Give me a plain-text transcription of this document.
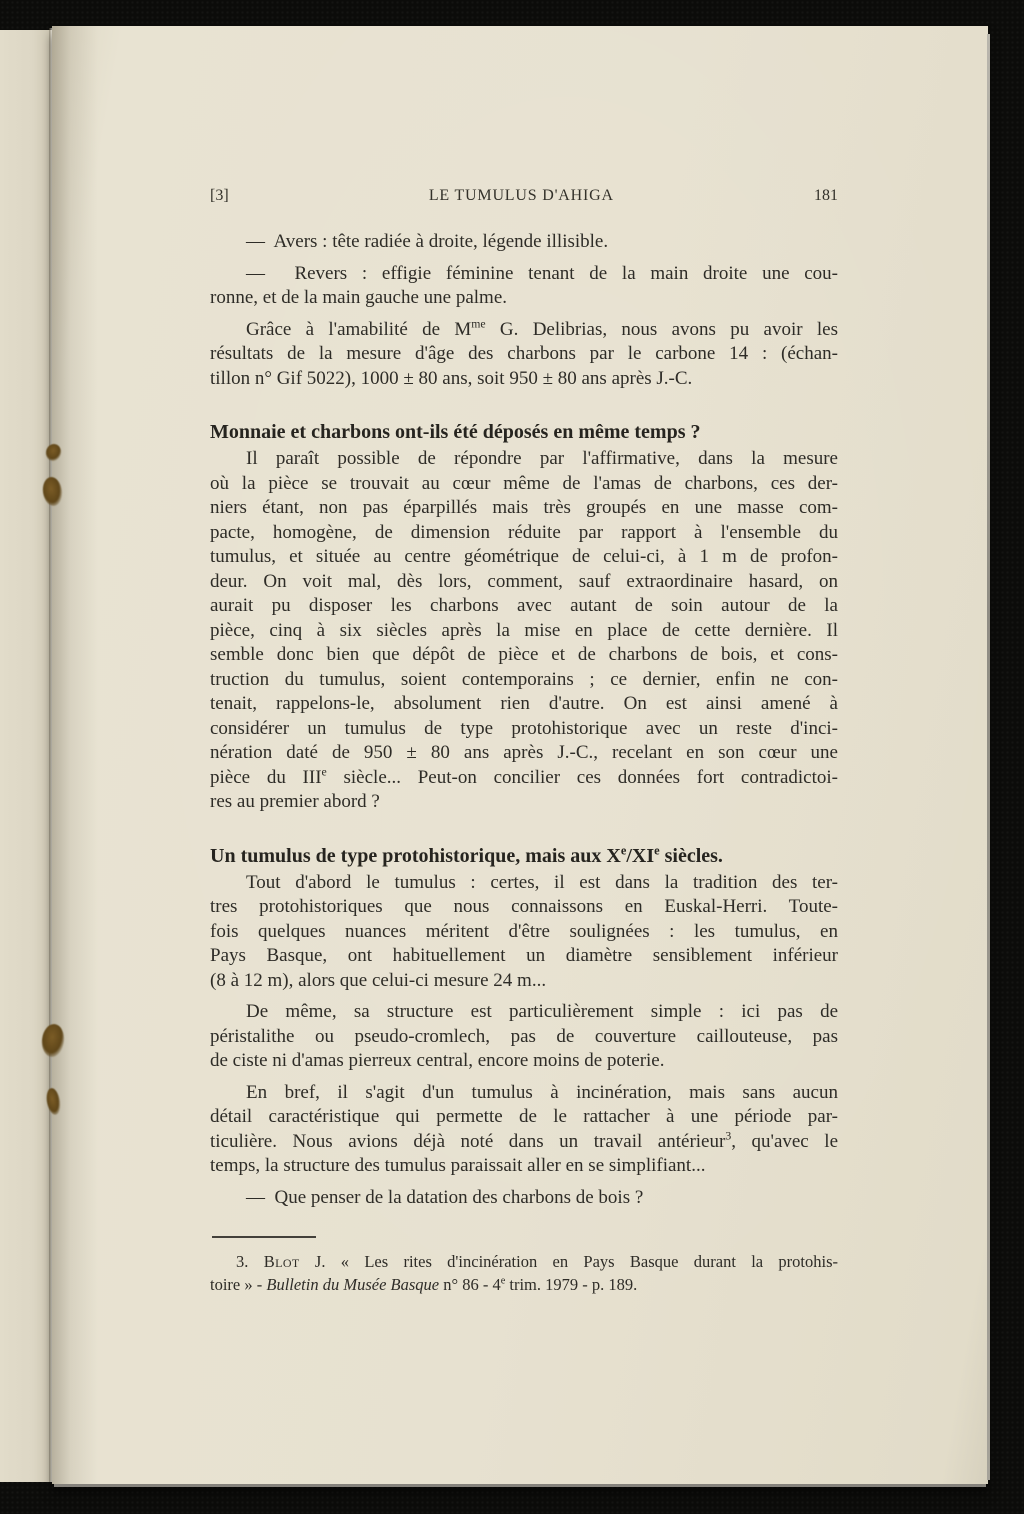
[3]	LE TUMULUS D'AHIGA	181
—  Avers : tête radiée à droite, légende illisible.
—  Revers : effigie féminine tenant de la main droite une cou-
ronne, et de la main gauche une palme.
Grâce à l'amabilité de $M^{me}$ G. Delibrias, nous avons pu avoir les
résultats de la mesure d'âge des charbons par le carbone 14 : (échan-
tillon n° Gif 5022), 1000 ± 80 ans, soit 950 ± 80 ans après J.-C.
Monnaie et charbons ont-ils été déposés en même temps ?
Il paraît possible de répondre par l'affirmative, dans la mesure
où la pièce se trouvait au cœur même de l'amas de charbons, ces der-
niers étant, non pas éparpillés mais très groupés en une masse com-
pacte, homogène, de dimension réduite par rapport à l'ensemble du
tumulus, et située au centre géométrique de celui-ci, à 1 m de profon-
deur. On voit mal, dès lors, comment, sauf extraordinaire hasard, on
aurait pu disposer les charbons avec autant de soin autour de la
pièce, cinq à six siècles après la mise en place de cette dernière. Il
semble donc bien que dépôt de pièce et de charbons de bois, et cons-
truction du tumulus, soient contemporains ; ce dernier, enfin ne con-
tenait, rappelons-le, absolument rien d'autre. On est ainsi amené à
considérer un tumulus de type protohistorique avec un reste d'inci-
nération daté de 950 ± 80 ans après J.-C., recelant en son cœur une
pièce du IIIe siècle... Peut-on concilier ces données fort contradictoi-
res au premier abord ?
Un tumulus de type protohistorique, mais aux Xe/XIe siècles.
Tout d'abord le tumulus : certes, il est dans la tradition des ter-
tres protohistoriques que nous connaissons en Euskal-Herri. Toute-
fois quelques nuances méritent d'être soulignées : les tumulus, en
Pays Basque, ont habituellement un diamètre sensiblement inférieur
(8 à 12 m), alors que celui-ci mesure 24 m...
De même, sa structure est particulièrement simple : ici pas de
péristalithe ou pseudo-cromlech, pas de couverture caillouteuse, pas
de ciste ni d'amas pierreux central, encore moins de poterie.
En bref, il s'agit d'un tumulus à incinération, mais sans aucun
détail caractéristique qui permette de le rattacher à une période par-
ticulière. Nous avions déjà noté dans un travail antérieur$^3$, qu'avec le
temps, la structure des tumulus paraissait aller en se simplifiant...
—  Que penser de la datation des charbons de bois ?
3. Blot J. « Les rites d'incinération en Pays Basque durant la protohis-
toire » - Bulletin du Musée Basque n° 86 - 4e trim. 1979 - p. 189.
